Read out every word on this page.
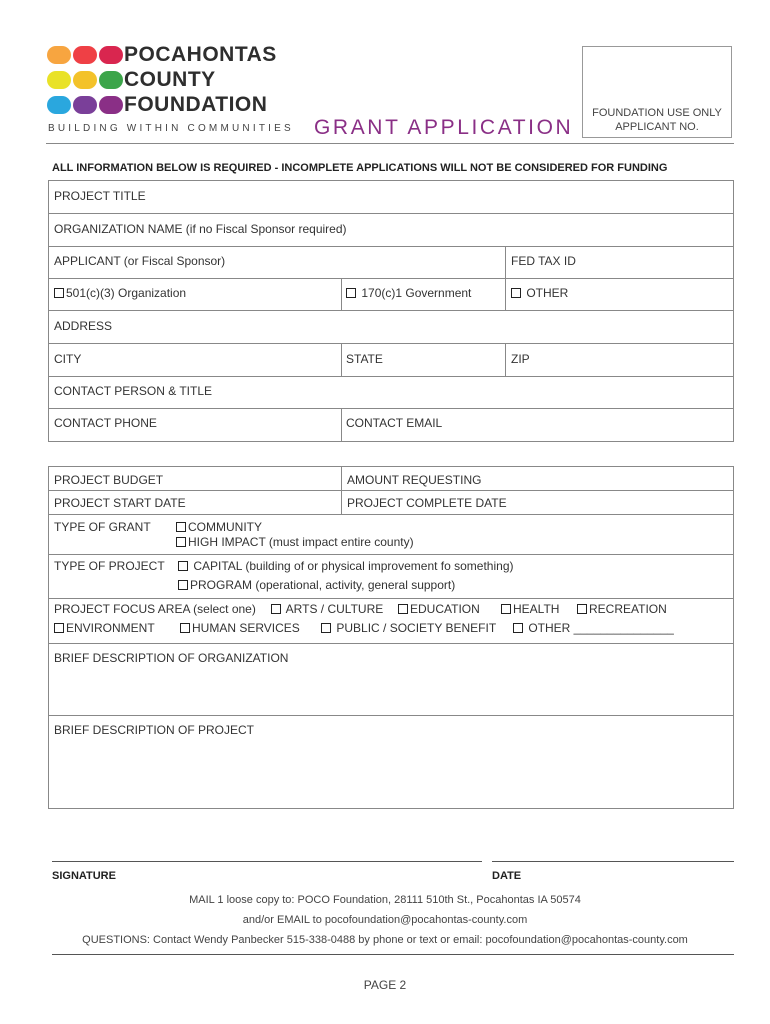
POCAHONTAS
COUNTY
FOUNDATION
BUILDING WITHIN COMMUNITIES GRANT APPLICATION
FOUNDATION USE ONLY
APPLICANT NO.
ALL INFORMATION BELOW IS REQUIRED - INCOMPLETE APPLICATIONS WILL NOT BE CONSIDERED FOR FUNDING
PROJECT TITLE
ORGANIZATION NAME (if no Fiscal Sponsor required)
APPLICANT (or Fiscal Sponsor)	FED TAX ID
501(c)(3) Organization	170(c)1 Government	OTHER
ADDRESS
CITY	STATE	ZIP
CONTACT PERSON & TITLE
CONTACT PHONE	CONTACT EMAIL
PROJECT BUDGET	AMOUNT REQUESTING
PROJECT START DATE	PROJECT COMPLETE DATE
TYPE OF GRANT	COMMUNITY
HIGH IMPACT (must impact entire county)
TYPE OF PROJECT	CAPITAL (building of or physical improvement fo something)
PROGRAM (operational, activity, general support)
PROJECT FOCUS AREA (select one)	ARTS / CULTURE	EDUCATION	HEALTH	RECREATION
ENVIRONMENT	HUMAN SERVICES	PUBLIC / SOCIETY BENEFIT	OTHER _______________
BRIEF DESCRIPTION OF ORGANIZATION
BRIEF DESCRIPTION OF PROJECT
SIGNATURE	DATE
MAIL 1 loose copy to: POCO Foundation, 28111 510th St., Pocahontas IA 50574
and/or EMAIL to pocofoundation@pocahontas-county.com
QUESTIONS: Contact Wendy Panbecker 515-338-0488 by phone or text or email: pocofoundation@pocahontas-county.com
PAGE 2
